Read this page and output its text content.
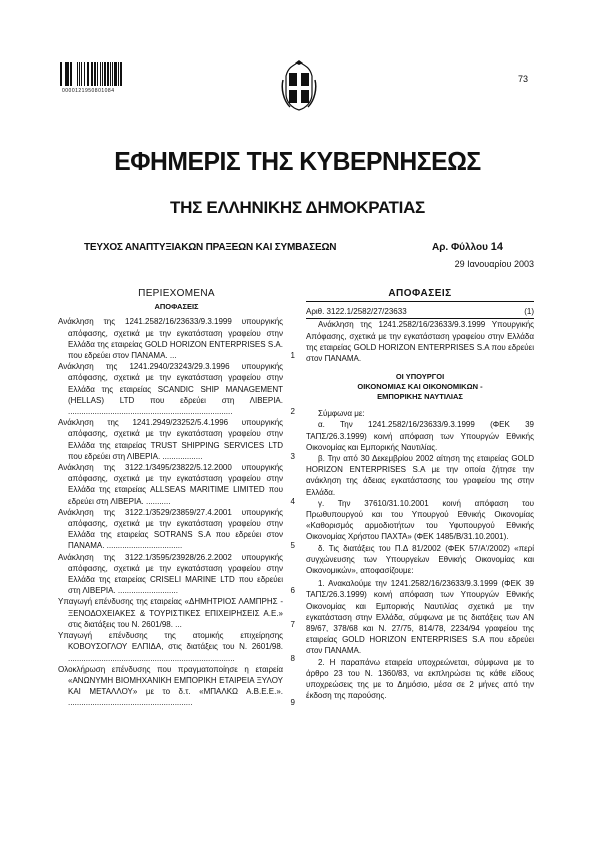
0000121950801084
73
ΕΦΗΜΕΡΙΣ ΤΗΣ ΚΥΒΕΡΝΗΣΕΩΣ
ΤΗΣ ΕΛΛΗΝΙΚΗΣ ΔΗΜΟΚΡΑΤΙΑΣ
ΤΕΥΧΟΣ ΑΝΑΠΤΥΞΙΑΚΩΝ ΠΡΑΞΕΩΝ ΚΑΙ ΣΥΜΒΑΣΕΩΝ	Αρ. Φύλλου 14
29 Ιανουαρίου 2003
ΠΕΡΙΕΧΟΜΕΝΑ
ΑΠΟΦΑΣΕΙΣ
Ανάκληση της 1241.2582/16/23633/9.3.1999 υπουργικής απόφασης, σχετικά με την εγκατάσταση γραφείου στην Ελλάδα της εταιρείας GOLD HORIZON ENTERPRISES S.A. που εδρεύει στον ΠΑΝΑΜΑ. ...	1
Ανάκληση της 1241.2940/23243/29.3.1996 υπουργικής απόφασης, σχετικά με την εγκατάσταση γραφείου στην Ελλάδα της εταιρείας SCANDIC SHIP MANAGEMENT (HELLAS) LTD που εδρεύει στη ΛΙΒΕΡΙΑ. ..........................................................................	2
Ανάκληση της 1241.2949/23252/5.4.1996 υπουργικής απόφασης, σχετικά με την εγκατάσταση γραφείου στην Ελλάδα της εταιρείας TRUST SHIPPING SERVICES LTD που εδρεύει στη ΛΙΒΕΡΙΑ. ..................	3
Ανάκληση της 3122.1/3495/23822/5.12.2000 υπουργικής απόφασης, σχετικά με την εγκατάσταση γραφείου στην Ελλάδα της εταιρείας ALLSEAS MARITIME LIMITED που εδρεύει στη ΛΙΒΕΡΙΑ. ...........	4
Ανάκληση της 3122.1/3529/23859/27.4.2001 υπουργικής απόφασης, σχετικά με την εγκατάσταση γραφείου στην Ελλάδα της εταιρείας SOTRANS S.A που εδρεύει στον ΠΑΝΑΜΑ. ..................................	5
Ανάκληση της 3122.1/3595/23928/26.2.2002 υπουργικής απόφασης, σχετικά με την εγκατάσταση γραφείου στην Ελλάδα της εταιρείας CRISELI MARINE LTD που εδρεύει στη ΛΙΒΕΡΙΑ. ...........................	6
Υπαγωγή επένδυσης της εταιρείας «ΔΗΜΗΤΡΙΟΣ ΛΑΜΠΡΗΣ - ΞΕΝΟΔΟΧΕΙΑΚΕΣ & ΤΟΥΡΙΣΤΙΚΕΣ ΕΠΙΧΕΙΡΗΣΕΙΣ Α.Ε.» στις διατάξεις του Ν. 2601/98. ...	7
Υπαγωγή επένδυσης της ατομικής επιχείρησης ΚΟΒΟΥΣΟΓΛΟΥ ΕΛΠΙΔΑ, στις διατάξεις του Ν. 2601/98. ...........................................................................	8
Ολοκλήρωση επένδυσης που πραγματοποίησε η εταιρεία «ΑΝΩΝΥΜΗ ΒΙΟΜΗΧΑΝΙΚΗ ΕΜΠΟΡΙΚΗ ΕΤΑΙΡΕΙΑ ΞΥΛΟΥ ΚΑΙ ΜΕΤΑΛΛΟΥ» με το δ.τ. «ΜΠΑΛΚΩ Α.Β.Ε.Ε.». ........................................................	9
ΑΠΟΦΑΣΕΙΣ
Αριθ. 3122.1/2582/27/23633	(1)

Ανάκληση της 1241.2582/16/23633/9.3.1999 Υπουργικής Απόφασης, σχετικά με την εγκατάσταση γραφείου στην Ελλάδα της εταιρείας GOLD HORIZON ENTERPRISES S.A που εδρεύει στον ΠΑΝΑΜΑ.

ΟΙ ΥΠΟΥΡΓΟΙ
ΟΙΚΟΝΟΜΙΑΣ ΚΑΙ ΟΙΚΟΝΟΜΙΚΩΝ -
ΕΜΠΟΡΙΚΗΣ ΝΑΥΤΙΛΙΑΣ

Σύμφωνα με:

α. Την 1241.2582/16/23633/9.3.1999 (ΦΕΚ 39 ΤΑΠΣ/26.3.1999) κοινή απόφαση των Υπουργών Εθνικής Οικονομίας και Εμπορικής Ναυτιλίας.

β. Την από 30 Δεκεμβρίου 2002 αίτηση της εταιρείας GOLD HORIZON ENTERPRISES S.A με την οποία ζήτησε την ανάκληση της άδειας εγκατάστασης του γραφείου της στην Ελλάδα.

γ. Την 37610/31.10.2001 κοινή απόφαση του Πρωθυπουργού και του Υπουργού Εθνικής Οικονομίας «Καθορισμός αρμοδιοτήτων του Υφυπουργού Εθνικής Οικονομίας Χρήστου ΠΑΧΤΑ» (ΦΕΚ 1485/Β/31.10.2001).

δ. Τις διατάξεις του Π.Δ 81/2002 (ΦΕΚ 57/Α'/2002) «περί συγχώνευσης των Υπουργείων Εθνικής Οικονομίας και Οικονομικών», αποφασίζουμε:

1. Ανακαλούμε την 1241.2582/16/23633/9.3.1999 (ΦΕΚ 39 ΤΑΠΣ/26.3.1999) κοινή απόφαση των Υπουργών Εθνικής Οικονομίας και Εμπορικής Ναυτιλίας σχετικά με την εγκατάσταση στην Ελλάδα, σύμφωνα με τις διατάξεις των ΑΝ 89/67, 378/68 και Ν. 27/75, 814/78, 2234/94 γραφείου της εταιρείας GOLD HORIZON ENTERPRISES S.A που εδρεύει στον ΠΑΝΑΜΑ.

2. Η παραπάνω εταιρεία υποχρεώνεται, σύμφωνα με το άρθρο 23 του Ν. 1360/83, να εκπληρώσει τις κάθε είδους υποχρεώσεις της με το Δημόσιο, μέσα σε 2 μήνες από την έκδοση της παρούσης.
